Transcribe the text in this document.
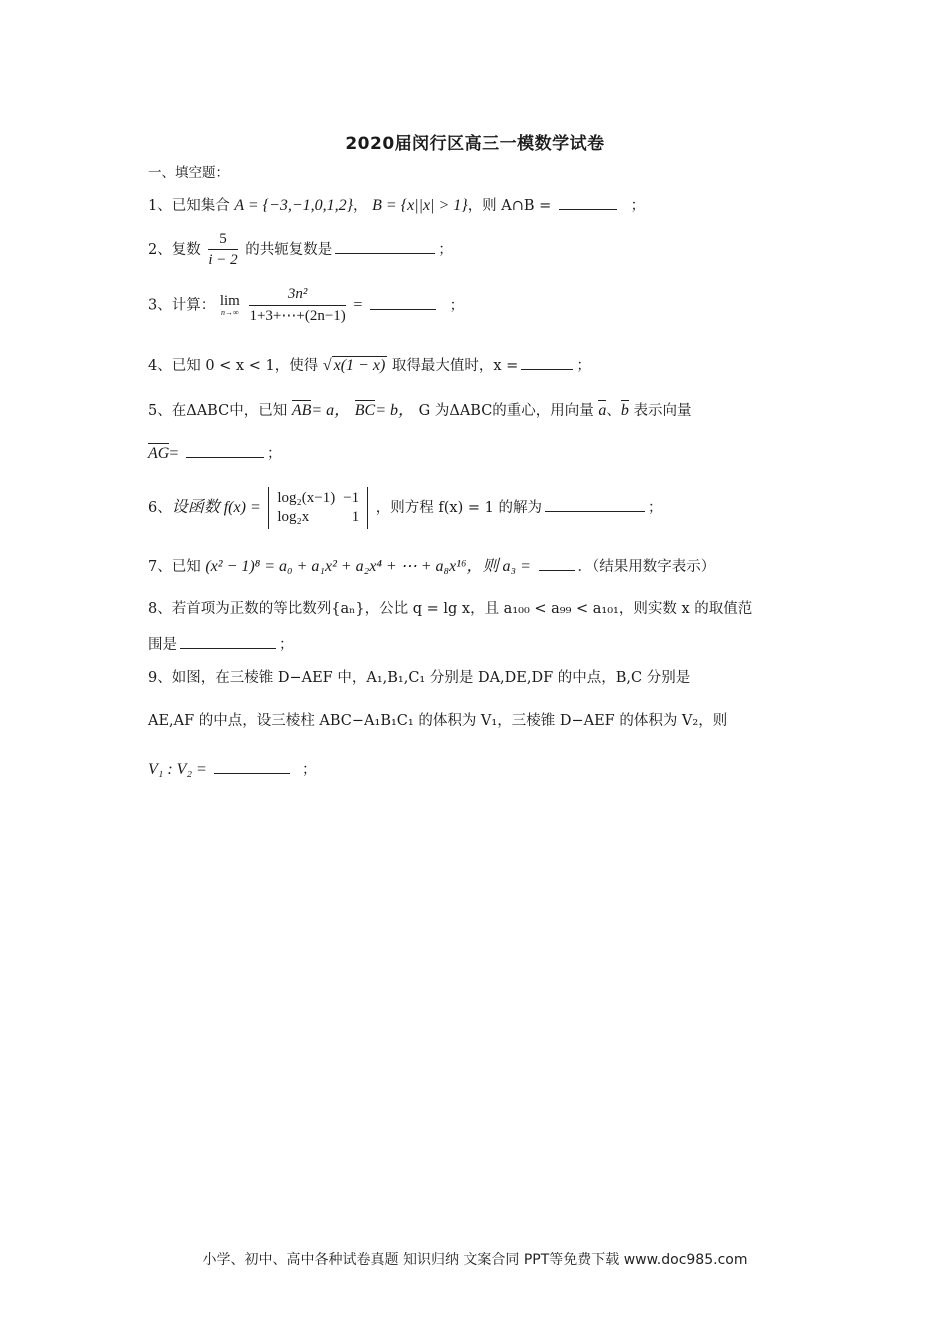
2020届闵行区高三一模数学试卷
一、填空题：
1、已知集合 A = {−3,−1,0,1,2}， B = {x||x| > 1}，则 A∩B =	；
2、复数 $\frac{5}{i - 2}$ 的共轭复数是	；
3、计算： lim
n→∞
$\frac{\text{3n²}}{1+3+\cdots+(2n-1)}$ =	；
4、已知 0 < x < 1，使得 √ x(1 − x) 取得最大值时，x =	；
5、在ΔABC中，已知 AB= a， BC= b， G 为ΔABC的重心，用向量 a、b 表示向量
AG=	；
6、设函数 f(x) =
log₂(x−1)	−1
log₂x	1
，则方程 f(x) = 1 的解为	；
7、已知 (x² − 1)⁸ = a₀ + a₁x² + a₂x⁴ + ⋯ + a₈x¹⁶，则 a₃ =	．（结果用数字表示）
8、若首项为正数的等比数列{aₙ}，公比 q = lg x，且 a₁₀₀ < a₉₉ < a₁₀₁，则实数 x 的取值范
围是	；
9、如图，在三棱锥 D−AEF 中，A₁,B₁,C₁ 分别是 DA,DE,DF 的中点，B,C 分别是
AE,AF 的中点，设三棱柱 ABC−A₁B₁C₁ 的体积为 V₁，三棱锥 D−AEF 的体积为 V₂，则
V₁ : V₂ =	；
小学、初中、高中各种试卷真题 知识归纳 文案合同 PPT等免费下载 www.doc985.com
